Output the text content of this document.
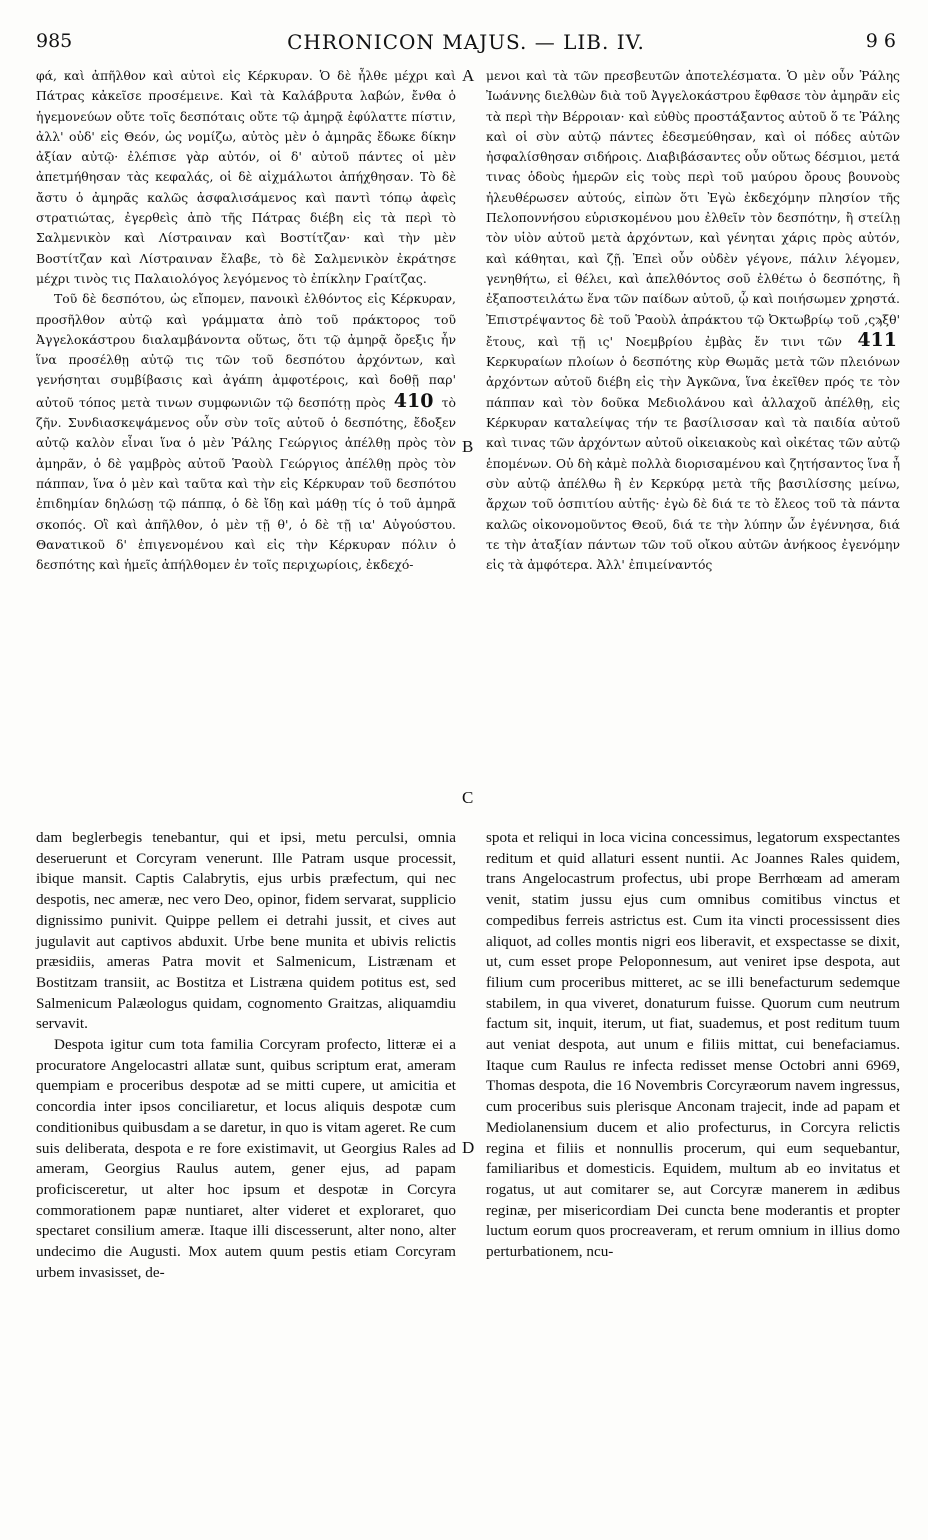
985	CHRONICON MAJUS. — LIB. IV.	9 6

φά, καὶ ἀπῆλθον καὶ αὐτοὶ εἰς Κέρκυραν. Ὁ δὲ ἦλθε μέχρι καὶ Πάτρας κἀκεῖσε προσέμεινε. Καὶ τὰ Καλάβρυτα λαβών, ἔνθα ὁ ἡγεμονεύων οὔτε τοῖς δεσπόταις οὔτε τῷ ἀμηρᾷ ἐφύλαττε πίστιν, ἀλλ' οὐδ' εἰς Θεόν, ὡς νομίζω, αὐτὸς μὲν ὁ ἀμηρᾶς ἔδωκε δίκην ἀξίαν αὐτῷ· ἐλέπισε γὰρ αὐτόν, οἱ δ' αὐτοῦ πάντες οἱ μὲν ἀπετμήθησαν τὰς κεφαλάς, οἱ δὲ αἰχμάλωτοι ἀπήχθησαν. Τὸ δὲ ἄστυ ὁ ἀμηρᾶς καλῶς ἀσφαλισάμενος καὶ παντὶ τόπῳ ἀφεὶς στρατιώτας, ἐγερθεὶς ἀπὸ τῆς Πάτρας διέβη εἰς τὰ περὶ τὸ Σαλμενικὸν καὶ Λίστραιναν καὶ Βοστίτζαν· καὶ τὴν μὲν Βοστίτζαν καὶ Λίστραιναν ἔλαβε, τὸ δὲ Σαλμενικὸν ἐκράτησε μέχρι τινὸς τις Παλαιολόγος λεγόμενος τὸ ἐπίκλην Γραίτζας.

Τοῦ δὲ δεσπότου, ὡς εἴπομεν, πανοικὶ ἐλθόντος εἰς Κέρκυραν, προσῆλθον αὐτῷ καὶ γράμματα ἀπὸ τοῦ πράκτορος τοῦ Ἀγγελοκάστρου διαλαμβάνοντα οὕτως, ὅτι τῷ ἀμηρᾷ ὄρεξις ἦν ἵνα προσέλθῃ αὐτῷ τις τῶν τοῦ δεσπότου ἀρχόντων, καὶ γενήσηται συμβίβασις καὶ ἀγάπη ἀμφοτέροις, καὶ δοθῇ παρ' αὐτοῦ τόπος μετὰ τινων συμφωνιῶν τῷ δεσπότῃ πρὸς 410 τὸ ζῆν. Συνδιασκεψάμενος οὖν σὺν τοῖς αὐτοῦ ὁ δεσπότης, ἔδοξεν αὐτῷ καλὸν εἶναι ἵνα ὁ μὲν Ῥάλης Γεώργιος ἀπέλθῃ πρὸς τὸν ἀμηρᾶν, ὁ δὲ γαμβρὸς αὐτοῦ Ῥαοὺλ Γεώργιος ἀπέλθῃ πρὸς τὸν πάππαν, ἵνα ὁ μὲν καὶ ταῦτα καὶ τὴν εἰς Κέρκυραν τοῦ δεσπότου ἐπιδημίαν δηλώσῃ τῷ πάππᾳ, ὁ δὲ ἴδῃ καὶ μάθῃ τίς ὁ τοῦ ἀμηρᾶ σκοπός. Οἳ καὶ ἀπῆλθον, ὁ μὲν τῇ θ', ὁ δὲ τῇ ια' Αὐγούστου. Θανατικοῦ δ' ἐπιγενομένου καὶ εἰς τὴν Κέρκυραν πόλιν ὁ δεσπότης καὶ ἡμεῖς ἀπήλθομεν ἐν τοῖς περιχωρίοις, ἐκδεχό-

μενοι καὶ τὰ τῶν πρεσβευτῶν ἀποτελέσματα. Ὁ μὲν οὖν Ῥάλης Ἰωάννης διελθὼν διὰ τοῦ Ἀγγελοκάστρου ἔφθασε τὸν ἀμηρᾶν εἰς τὰ περὶ τὴν Βέρροιαν· καὶ εὐθὺς προστάξαντος αὐτοῦ ὅ τε Ῥάλης καὶ οἱ σὺν αὐτῷ πάντες ἐδεσμεύθησαν, καὶ οἱ πόδες αὐτῶν ἠσφαλίσθησαν σιδήροις. Διαβιβάσαντες οὖν οὕτως δέσμιοι, μετά τινας ὁδοὺς ἡμερῶν εἰς τοὺς περὶ τοῦ μαύρου ὄρους βουνοὺς ἠλευθέρωσεν αὐτούς, εἰπὼν ὅτι Ἐγὼ ἐκδεχόμην πλησίον τῆς Πελοποννήσου εὑρισκομένου μου ἐλθεῖν τὸν δεσπότην, ἢ στείλῃ τὸν υἱὸν αὐτοῦ μετὰ ἀρχόντων, καὶ γένηται χάρις πρὸς αὐτόν, καὶ κάθηται, καὶ ζῇ. Ἐπεὶ οὖν οὐδὲν γέγονε, πάλιν λέγομεν, γενηθήτω, εἰ θέλει, καὶ ἀπελθόντος σοῦ ἐλθέτω ὁ δεσπότης, ἢ ἐξαποστειλάτω ἕνα τῶν παίδων αὐτοῦ, ᾧ καὶ ποιήσωμεν χρηστά. Ἐπιστρέψαντος δὲ τοῦ Ῥαοὺλ ἀπράκτου τῷ Ὀκτωβρίῳ τοῦ ,ςϡξθ' ἔτους, καὶ τῇ ις' Νοεμβρίου ἐμβὰς ἔν τινι τῶν 411 Κερκυραίων πλοίων ὁ δεσπότης κὺρ Θωμᾶς μετὰ τῶν πλειόνων ἀρχόντων αὐτοῦ διέβη εἰς τὴν Ἀγκῶνα, ἵνα ἐκεῖθεν πρός τε τὸν πάππαν καὶ τὸν δοῦκα Μεδιολάνου καὶ ἀλλαχοῦ ἀπέλθῃ, εἰς Κέρκυραν καταλείψας τήν τε βασίλισσαν καὶ τὰ παιδία αὐτοῦ καὶ τινας τῶν ἀρχόντων αὐτοῦ οἰκειακοὺς καὶ οἰκέτας τῶν αὐτῷ ἑπομένων. Οὐ δὴ κἀμὲ πολλὰ διορισαμένου καὶ ζητήσαντος ἵνα ἦ σὺν αὐτῷ ἀπέλθω ἢ ἐν Κερκύρᾳ μετὰ τῆς βασιλίσσης μείνω, ἄρχων τοῦ ὁσπιτίου αὐτῆς· ἐγὼ δὲ διά τε τὸ ἔλεος τοῦ τὰ πάντα καλῶς οἰκονομοῦντος Θεοῦ, διά τε τὴν λύπην ὧν ἐγέννησα, διά τε τὴν ἀταξίαν πάντων τῶν τοῦ οἴκου αὐτῶν ἀνήκοος ἐγενόμην εἰς τὰ ἀμφότερα. Ἀλλ' ἐπιμείναντός

A
B
C
D

dam beglerbegis tenebantur, qui et ipsi, metu perculsi, omnia deseruerunt et Corcyram venerunt. Ille Patram usque processit, ibique mansit. Captis Calabrytis, ejus urbis præfectum, qui nec despotis, nec ameræ, nec vero Deo, opinor, fidem servarat, supplicio dignissimo punivit. Quippe pellem ei detrahi jussit, et cives aut jugulavit aut captivos abduxit. Urbe bene munita et ubivis relictis præsidiis, ameras Patra movit et Salmenicum, Listrænam et Bostitzam transiit, ac Bostitza et Listræna quidem potitus est, sed Salmenicum Palæologus quidam, cognomento Graitzas, aliquamdiu servavit.

Despota igitur cum tota familia Corcyram profecto, litteræ ei a procuratore Angelocastri allatæ sunt, quibus scriptum erat, ameram quempiam e proceribus despotæ ad se mitti cupere, ut amicitia et concordia inter ipsos conciliaretur, et locus aliquis despotæ cum conditionibus quibusdam a se daretur, in quo is vitam ageret. Re cum suis deliberata, despota e re fore existimavit, ut Georgius Rales ad ameram, Georgius Raulus autem, gener ejus, ad papam proficisceretur, ut alter hoc ipsum et despotæ in Corcyra commorationem papæ nuntiaret, alter videret et exploraret, quo spectaret consilium ameræ. Itaque illi discesserunt, alter nono, alter undecimo die Augusti. Mox autem quum pestis etiam Corcyram urbem invasisset, de-

spota et reliqui in loca vicina concessimus, legatorum exspectantes reditum et quid allaturi essent nuntii. Ac Joannes Rales quidem, trans Angelocastrum profectus, ubi prope Berrhœam ad ameram venit, statim jussu ejus cum omnibus comitibus vinctus et compedibus ferreis astrictus est. Cum ita vincti processissent dies aliquot, ad colles montis nigri eos liberavit, et exspectasse se dixit, ut, cum esset prope Peloponnesum, aut veniret ipse despota, aut filium cum proceribus mitteret, ac se illi benefacturum sedemque stabilem, in qua viveret, donaturum fuisse. Quorum cum neutrum factum sit, inquit, iterum, ut fiat, suademus, et post reditum tuum aut veniat despota, aut unum e filiis mittat, cui benefaciamus. Itaque cum Raulus re infecta redisset mense Octobri anni 6969, Thomas despota, die 16 Novembris Corcyræorum navem ingressus, cum proceribus suis plerisque Anconam trajecit, inde ad papam et Mediolanensium ducem et alio profecturus, in Corcyra relictis regina et filiis et nonnullis procerum, qui eum sequebantur, familiaribus et domesticis. Equidem, multum ab eo invitatus et rogatus, ut aut comitarer se, aut Corcyræ manerem in ædibus reginæ, per misericordiam Dei cuncta bene moderantis et propter luctum eorum quos procreaveram, et rerum omnium in illius domo perturbationem, ncu-
